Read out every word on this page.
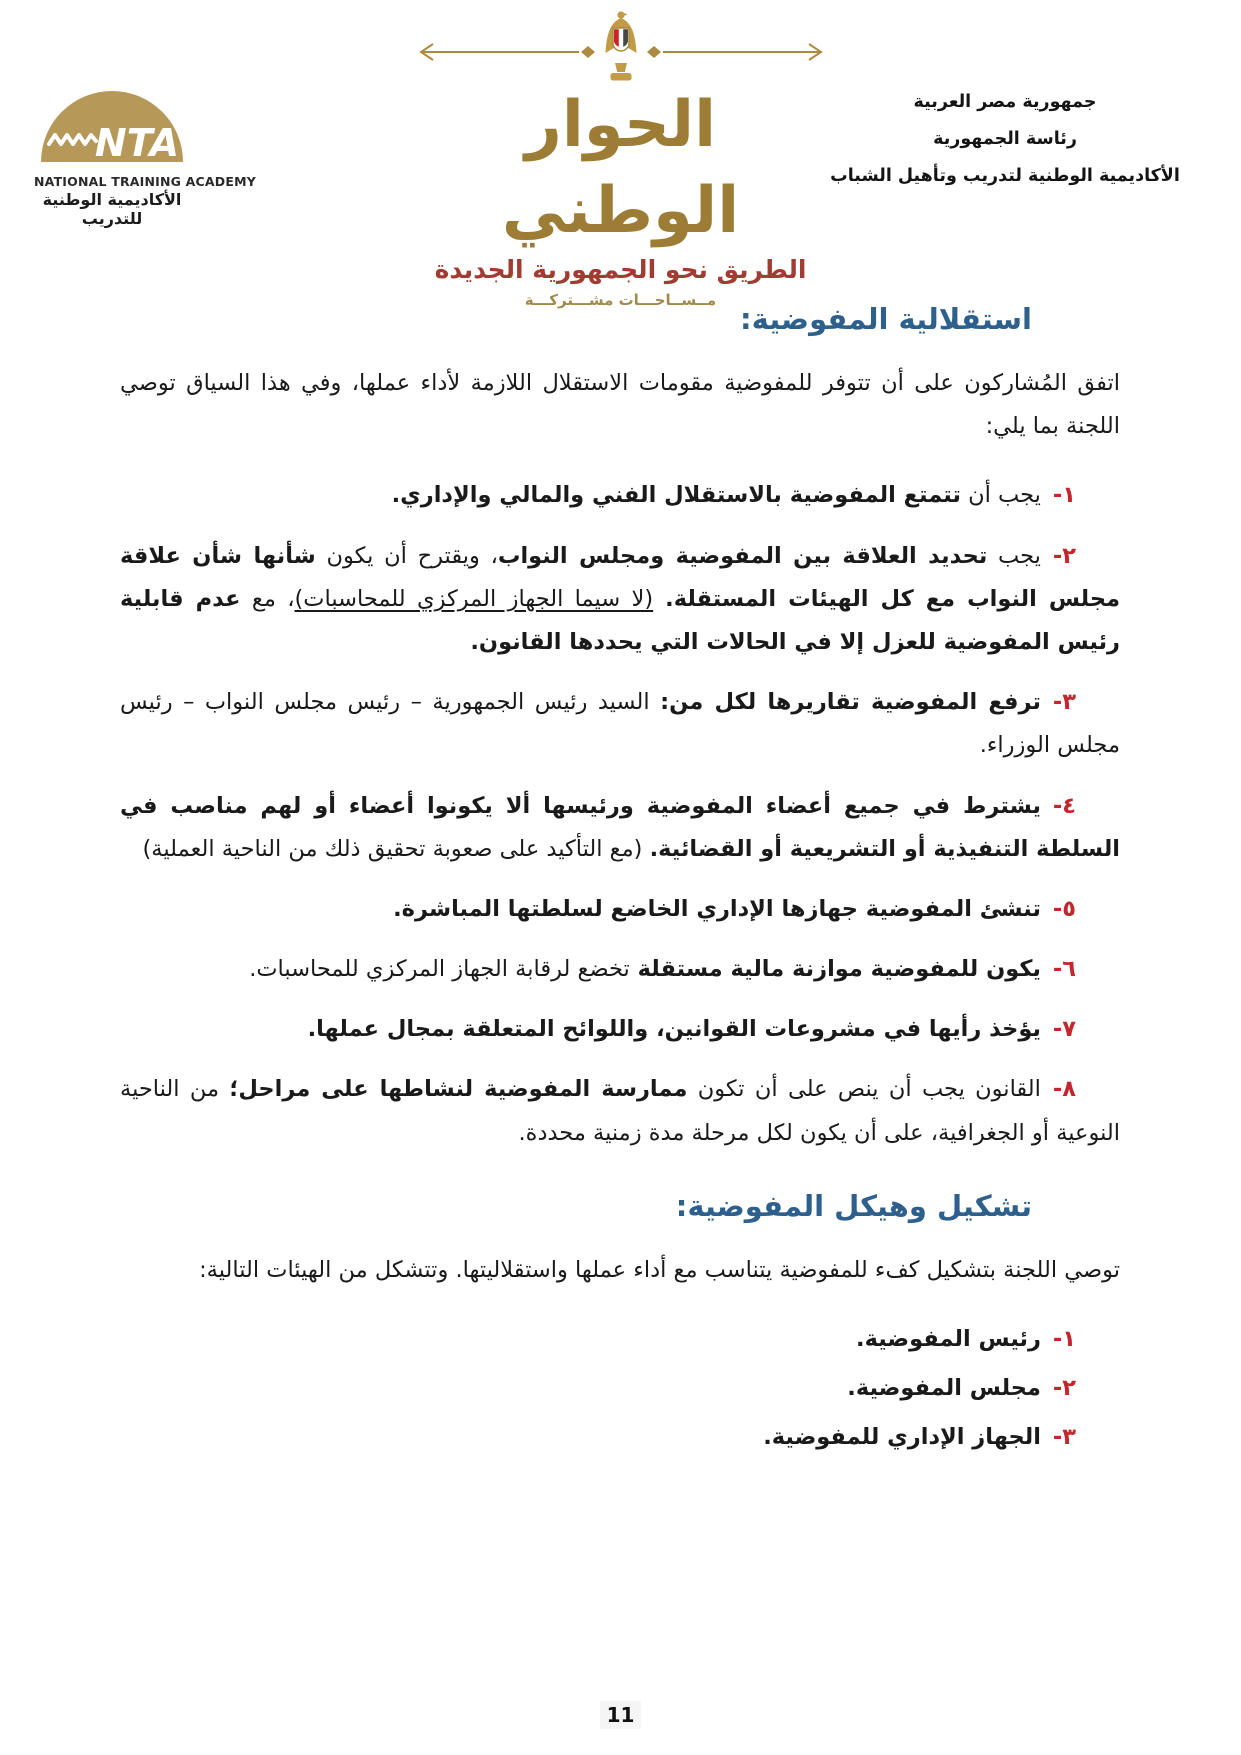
NTA
NATIONAL TRAINING ACADEMY
الأكاديمية الوطنية للتدريب
الحوار الوطني
الطريق نحو الجمهورية الجديدة
مــســاحـــات مشـــتركـــة
جمهورية مصر العربية
رئاسة الجمهورية
الأكاديمية الوطنية لتدريب وتأهيل الشباب
استقلالية المفوضية:

اتفق المُشاركون على أن تتوفر للمفوضية مقومات الاستقلال اللازمة لأداء عملها، وفي هذا السياق توصي اللجنة بما يلي:

١-يجب أن تتمتع المفوضية بالاستقلال الفني والمالي والإداري.
٢-يجب تحديد العلاقة بين المفوضية ومجلس النواب، ويقترح أن يكون شأنها شأن علاقة مجلس النواب مع كل الهيئات المستقلة. (لا سيما الجهاز المركزي للمحاسبات)، مع عدم قابلية رئيس المفوضية للعزل إلا في الحالات التي يحددها القانون.
٣-ترفع المفوضية تقاريرها لكل من: السيد رئيس الجمهورية – رئيس مجلس النواب – رئيس مجلس الوزراء.
٤-يشترط في جميع أعضاء المفوضية ورئيسها ألا يكونوا أعضاء أو لهم مناصب في السلطة التنفيذية أو التشريعية أو القضائية. (مع التأكيد على صعوبة تحقيق ذلك من الناحية العملية)
٥-تنشئ المفوضية جهازها الإداري الخاضع لسلطتها المباشرة.
٦-يكون للمفوضية موازنة مالية مستقلة تخضع لرقابة الجهاز المركزي للمحاسبات.
٧-يؤخذ رأيها في مشروعات القوانين، واللوائح المتعلقة بمجال عملها.
٨-القانون يجب أن ينص على أن تكون ممارسة المفوضية لنشاطها على مراحل؛ من الناحية النوعية أو الجغرافية، على أن يكون لكل مرحلة مدة زمنية محددة.
تشكيل وهيكل المفوضية:

توصي اللجنة بتشكيل كفء للمفوضية يتناسب مع أداء عملها واستقلاليتها. وتتشكل من الهيئات التالية:

١-رئيس المفوضية.
٢-مجلس المفوضية.
٣-الجهاز الإداري للمفوضية.
11
